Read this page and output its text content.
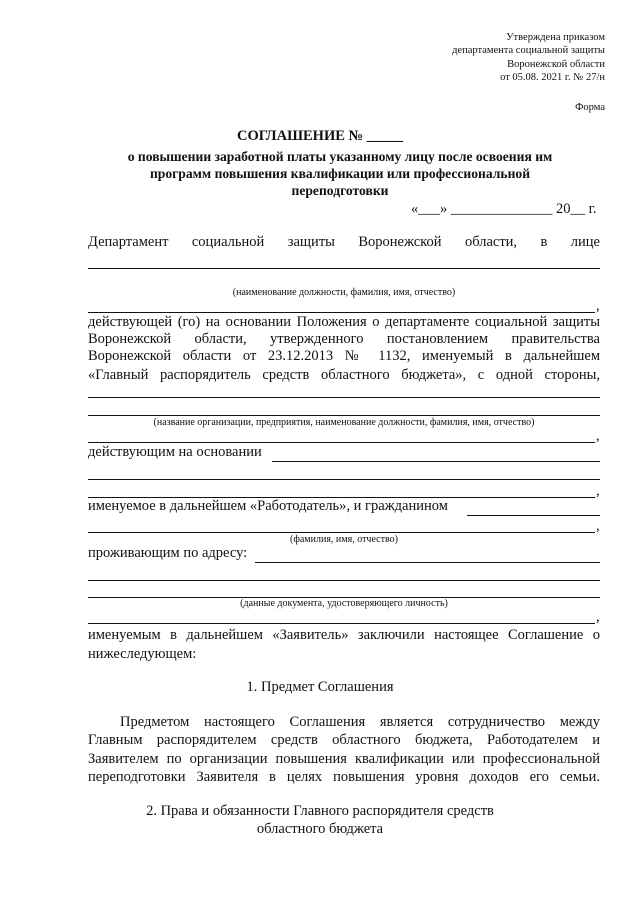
Утверждена приказом
департамента социальной защиты
Воронежской области
от 05.08. 2021 г. № 27/н
Форма
СОГЛАШЕНИЕ № _____
о повышении заработной платы указанному лицу после освоения им
программ повышения квалификации или профессиональной
переподготовки
«___» ______________ 20__ г.
Департамент социальной защиты Воронежской области, в лице
(наименование должности, фамилия, имя, отчество)
,
действующей (го) на основании Положения о департаменте социальной защиты
Воронежской области, утвержденного постановлением правительства
Воронежской области от 23.12.2013 № 1132, именуемый в дальнейшем
«Главный распорядитель средств областного бюджета», с одной стороны,
(название организации, предприятия, наименование должности, фамилия, имя, отчество)
,
действующим на основании
,
именуемое в дальнейшем «Работодатель», и гражданином
,
(фамилия, имя, отчество)
проживающим по адресу:
(данные документа, удостоверяющего личность)
,
именуемым в дальнейшем «Заявитель» заключили настоящее Соглашение о
нижеследующем:
1. Предмет Соглашения
Предметом настоящего Соглашения является сотрудничество между
Главным распорядителем средств областного бюджета, Работодателем и
Заявителем по организации повышения квалификации или профессиональной
переподготовки Заявителя в целях повышения уровня доходов его семьи.
2. Права и обязанности Главного распорядителя средств
областного бюджета
